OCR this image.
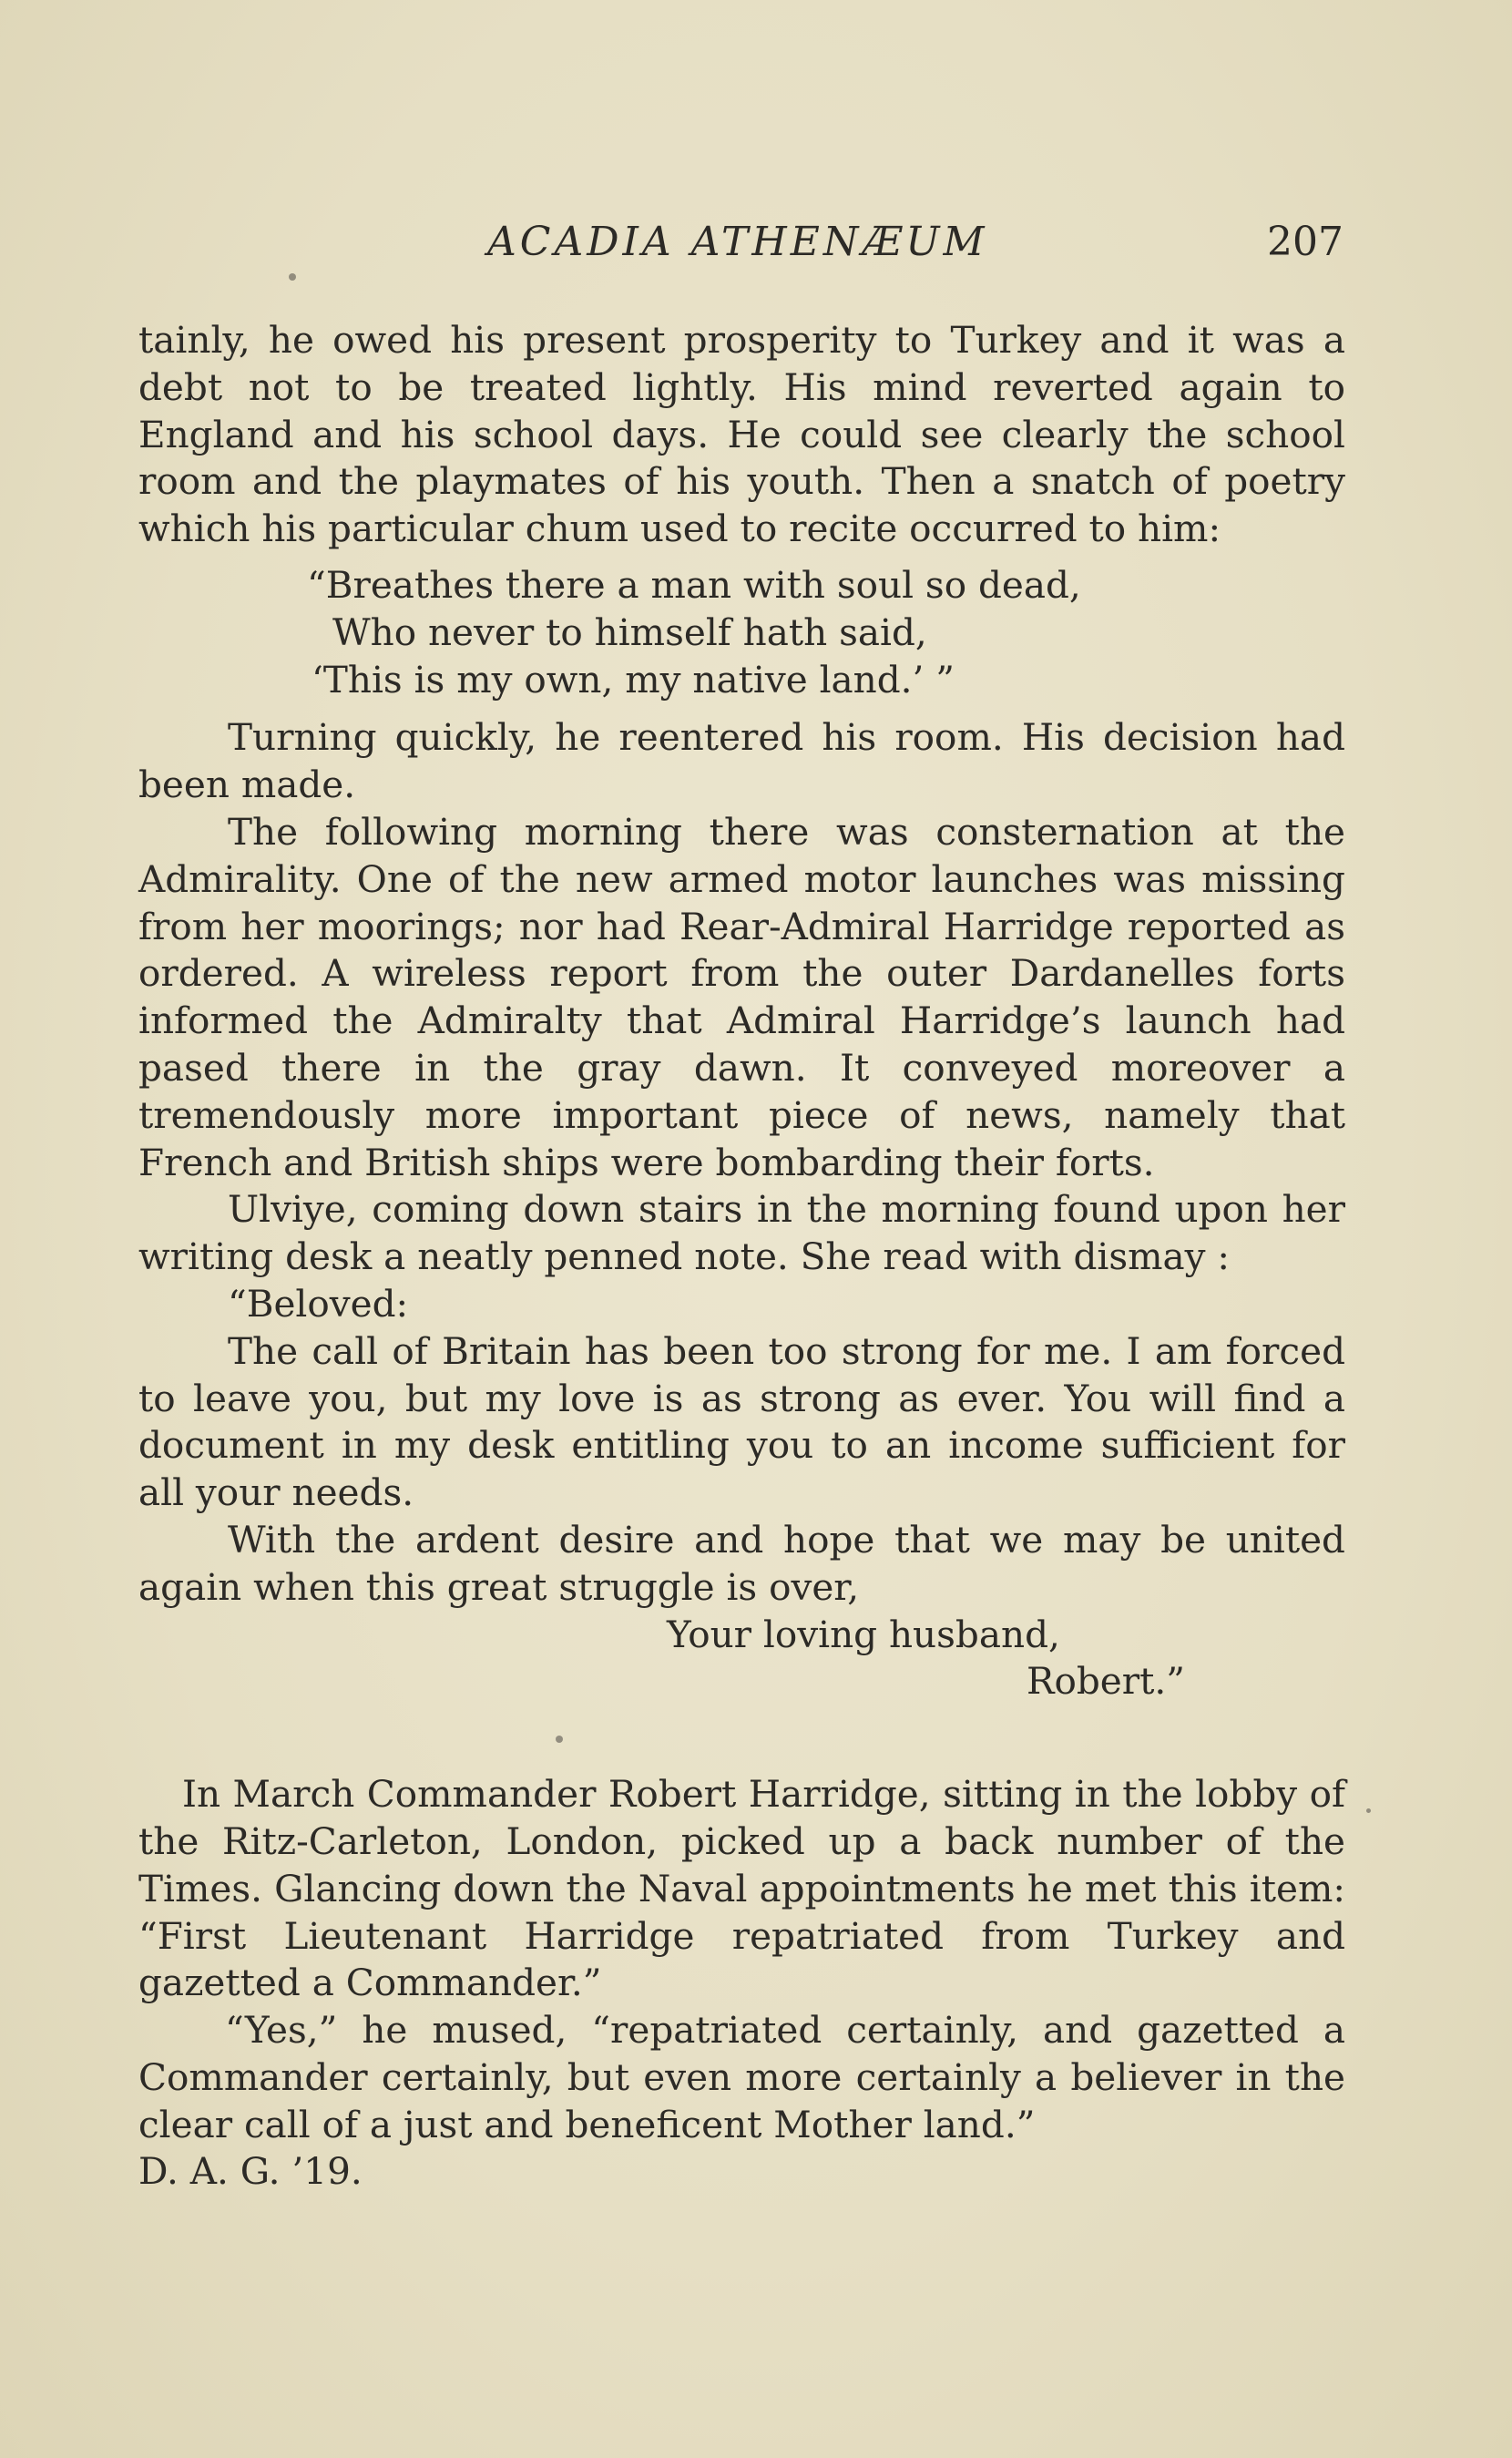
ACADIA ATHENÆUM	207

tainly, he owed his present prosperity to Turkey and it was a debt not to be treated lightly. His mind reverted again to England and his school days. He could see clearly the school room and the playmates of his youth. Then a snatch of poetry which his particular chum used to recite occurred to him:

“Breathes there a man with soul so dead,
Who never to himself hath said,
‘This is my own, my native land.’ ”

Turning quickly, he reentered his room. His decision had been made.

The following morning there was consternation at the Admirality. One of the new armed motor launches was missing from her moorings; nor had Rear-Admiral Harridge reported as ordered. A wireless report from the outer Dardanelles forts informed the Admiralty that Admiral Harridge’s launch had pased there in the gray dawn. It conveyed moreover a tremendously more important piece of news, namely that French and British ships were bombarding their forts.

Ulviye, coming down stairs in the morning found upon her writing desk a neatly penned note. She read with dismay :

“Beloved:

The call of Britain has been too strong for me. I am forced to leave you, but my love is as strong as ever. You will find a document in my desk entitling you to an income sufficient for all your needs.

With the ardent desire and hope that we may be united again when this great struggle is over,

Your loving husband,

Robert.”

In March Commander Robert Harridge, sitting in the lobby of the Ritz-Carleton, London, picked up a back number of the Times. Glancing down the Naval appointments he met this item: “First Lieutenant Harridge repatriated from Turkey and gazetted a Commander.”

“Yes,” he mused, “repatriated certainly, and gazetted a Commander certainly, but even more certainly a believer in the clear call of a just and beneficent Mother land.”

D. A. G. ’19.
